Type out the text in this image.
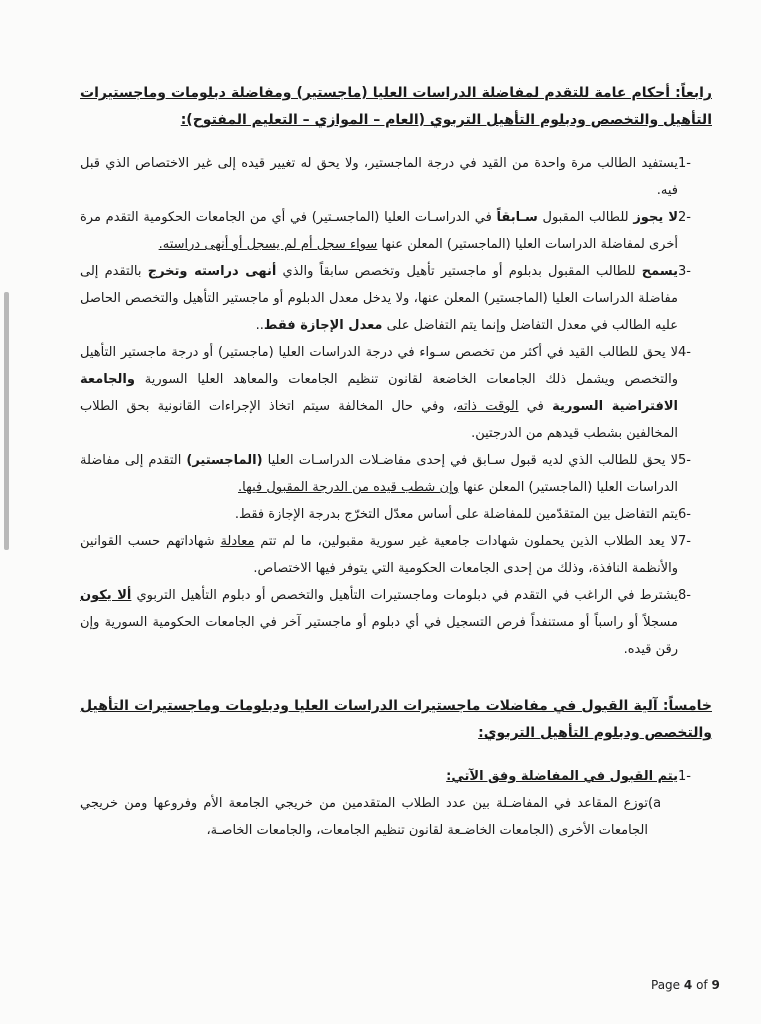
رابعاً: أحكام عامة للتقدم لمفاضلة الدراسات العليا (ماجستير) ومفاضلة دبلومات وماجستيرات التأهيل والتخصص ودبلوم التأهيل التربوي (العام – الموازي – التعليم المفتوح):

1-
يستفيد الطالب مرة واحدة من القيد في درجة الماجستير، ولا يحق له تغيير قيده إلى غير الاختصاص الذي قبل فيه.
2-
لا يجوز للطالب المقبول سـابقاً في الدراسـات العليا (الماجسـتير) في أي من الجامعات الحكومية التقدم مرة أخرى لمفاضلة الدراسات العليا (الماجستير) المعلن عنها سواء سجل أم لم يسجل أو أنهى دراسته.
3-
يسمح للطالب المقبول بدبلوم أو ماجستير تأهيل وتخصص سابقاً والذي أنهى دراسته وتخرج بالتقدم إلى مفاضلة الدراسات العليا (الماجستير) المعلن عنها، ولا يدخل معدل الدبلوم أو ماجستير التأهيل والتخصص الحاصل عليه الطالب في معدل التفاضل وإنما يتم التفاضل على معدل الإجازة فقط..
4-
لا يحق للطالب القيد في أكثر من تخصص سـواء في درجة الدراسات العليا (ماجستير) أو درجة ماجستير التأهيل والتخصص ويشمل ذلك الجامعات الخاضعة لقانون تنظيم الجامعات والمعاهد العليا السورية والجامعة الافتراضية السورية في الوقت ذاته، وفي حال المخالفة سيتم اتخاذ الإجراءات القانونية بحق الطلاب المخالفين بشطب قيدهم من الدرجتين.
5-
لا يحق للطالب الذي لديه قبول سـابق في إحدى مفاضـلات الدراسـات العليا (الماجستير) التقدم إلى مفاضلة الدراسات العليا (الماجستير) المعلن عنها وإن شطب قيده من الدرجة المقبول فيها.
6-
يتم التفاضل بين المتقدّمين للمفاضلة على أساس معدّل التخرّج بدرجة الإجازة فقط.
7-
لا يعد الطلاب الذين يحملون شهادات جامعية غير سورية مقبولين، ما لم تتم معادلة شهاداتهم حسب القوانين والأنظمة النافذة، وذلك من إحدى الجامعات الحكومية التي يتوفر فيها الاختصاص.
8-
يشترط في الراغب في التقدم في دبلومات وماجستيرات التأهيل والتخصص أو دبلوم التأهيل التربوي ألا يكون مسجلاً أو راسباً أو مستنفداً فرص التسجيل في أي دبلوم أو ماجستير آخر في الجامعات الحكومية السورية وإن رقن قيده.

خامساً: آلية القبول في مفاضلات ماجستيرات الدراسات العليا ودبلومات وماجستيرات التأهيل والتخصص ودبلوم التأهيل التربوي:

1-
يتم القبول في المفاضلة وفق الآتي:
(a
توزع المقاعد في المفاضـلة بين عدد الطلاب المتقدمين من خريجي الجامعة الأم وفروعها ومن خريجي الجامعات الأخرى (الجامعات الخاضـعة لقانون تنظيم الجامعات، والجامعات الخاصـة،
Page 4 of 9
